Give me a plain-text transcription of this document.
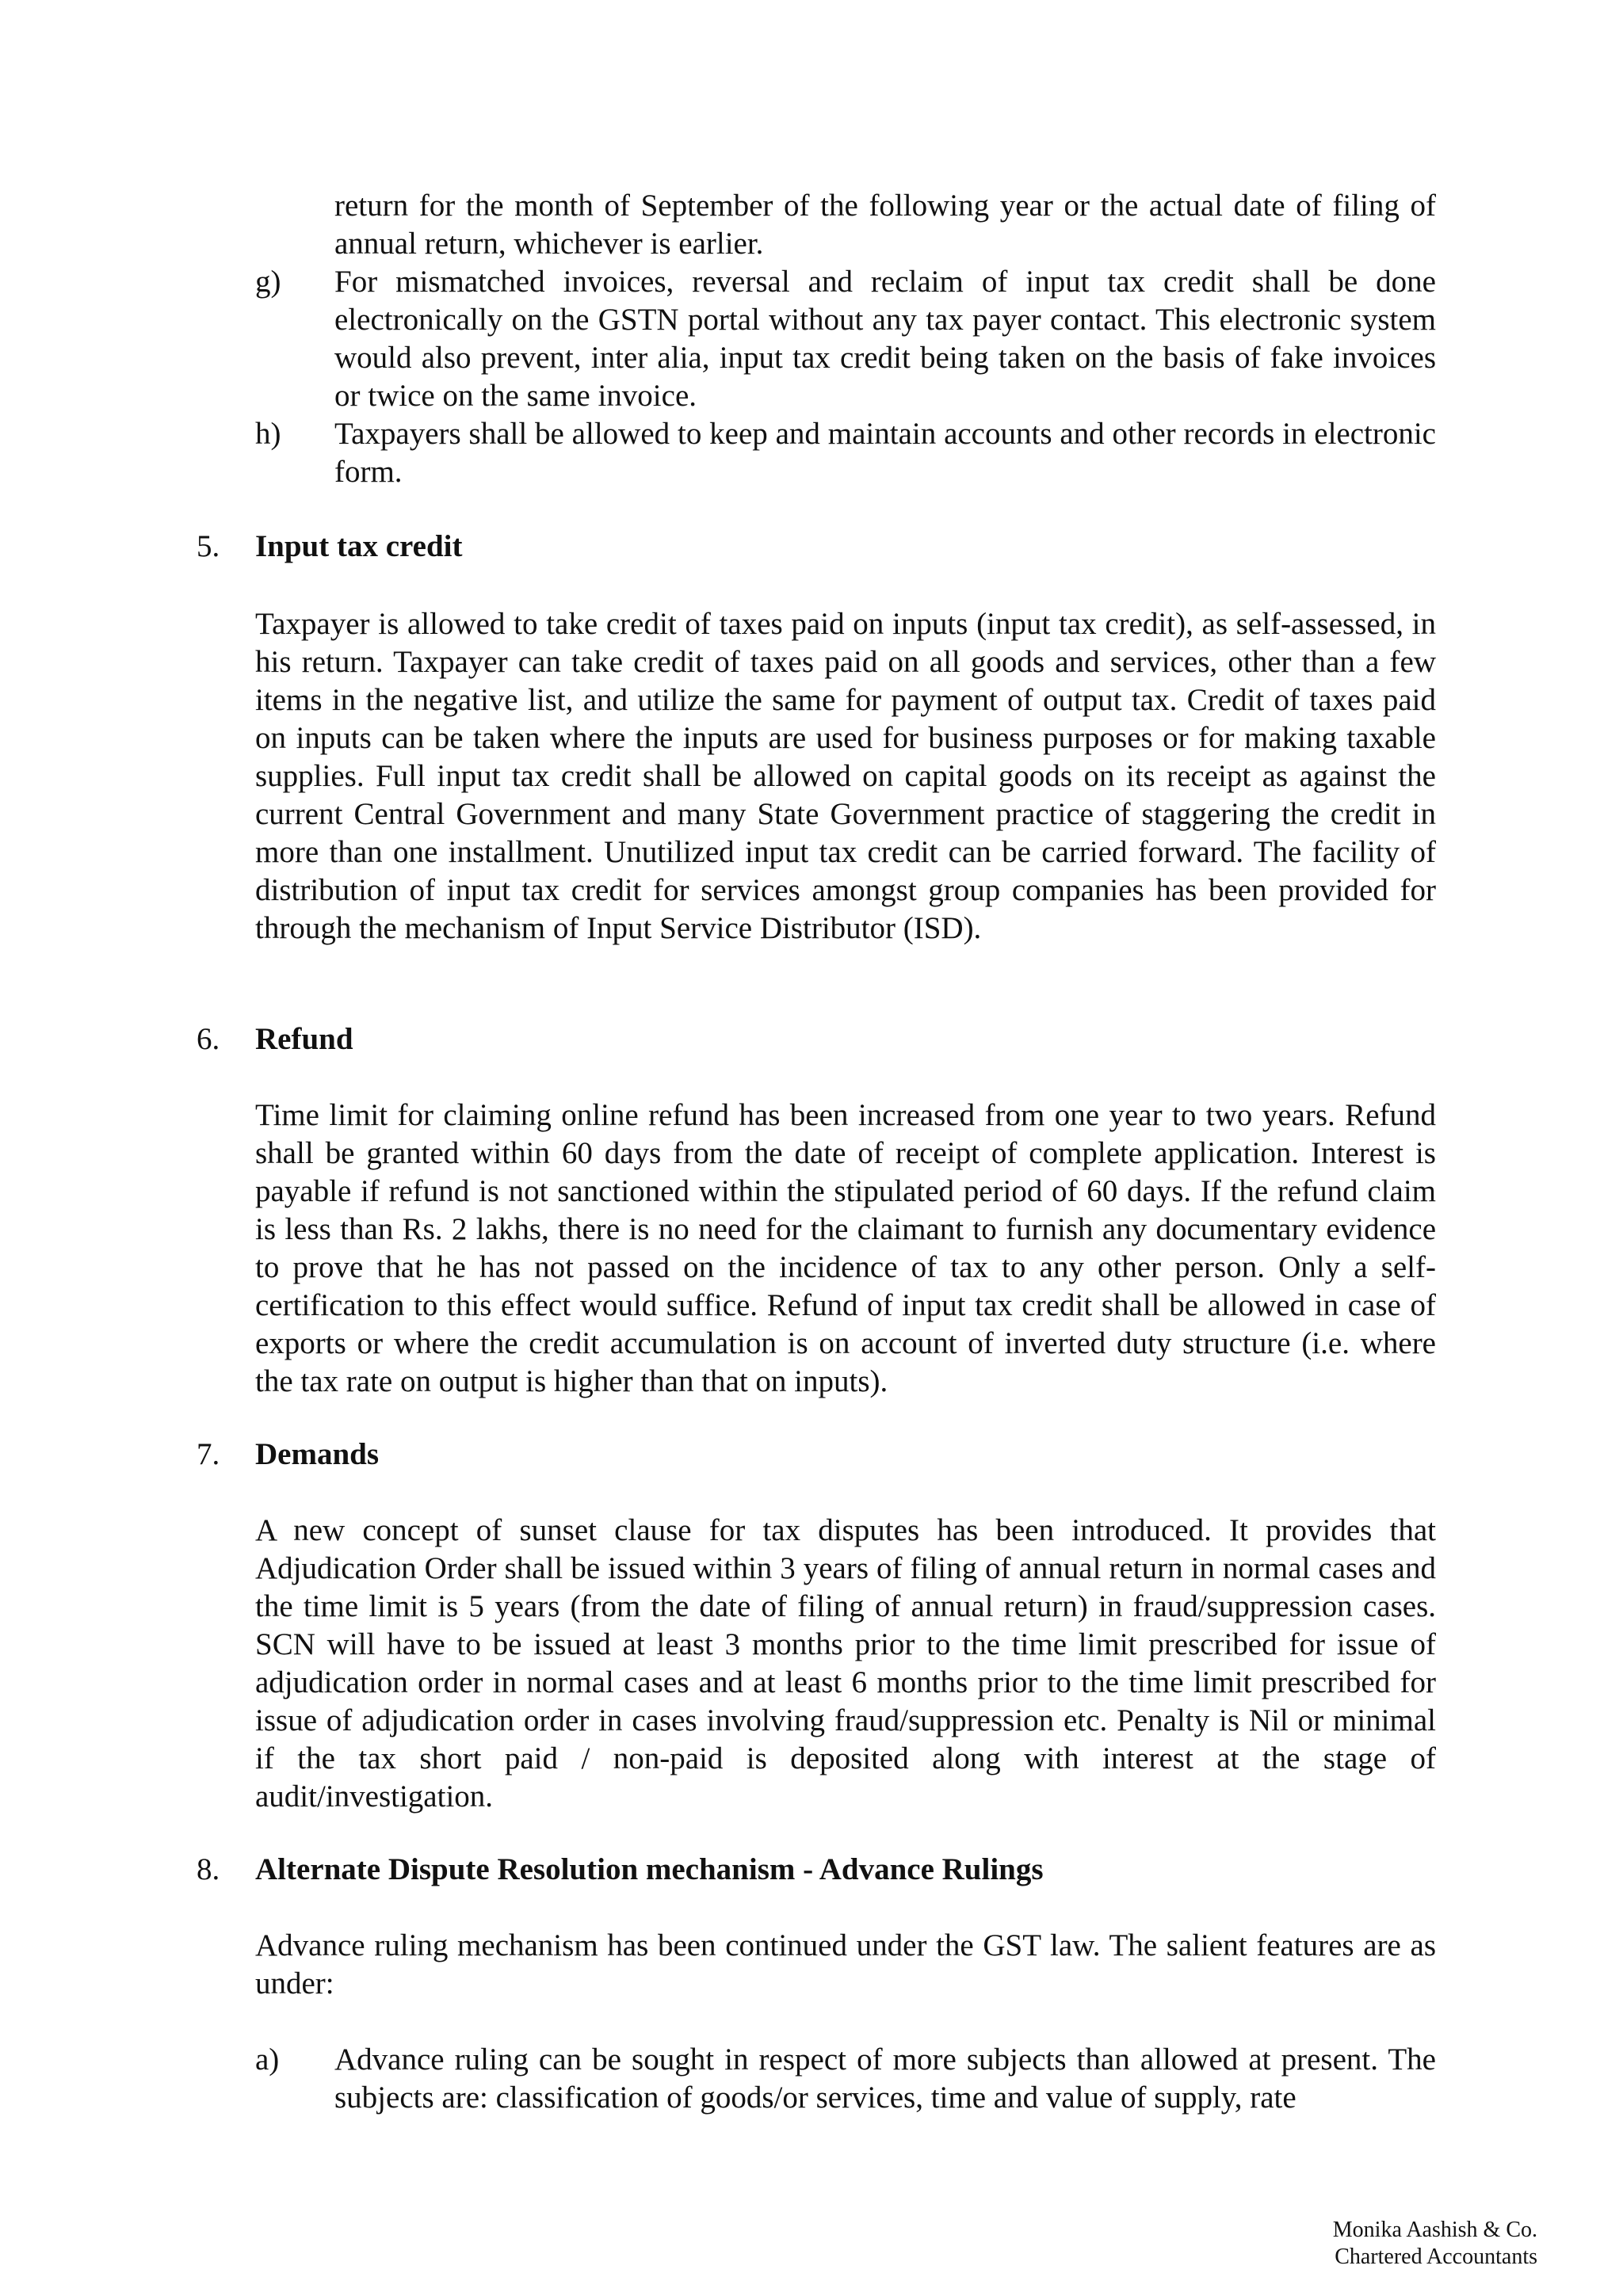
return for the month of September of the following year or the actual date of filing of annual return, whichever is earlier.

g) For mismatched invoices, reversal and reclaim of input tax credit shall be done electronically on the GSTN portal without any tax payer contact. This electronic system would also prevent, inter alia, input tax credit being taken on the basis of fake invoices or twice on the same invoice.

h) Taxpayers shall be allowed to keep and maintain accounts and other records in electronic form.

5. Input tax credit

Taxpayer is allowed to take credit of taxes paid on inputs (input tax credit), as self-assessed, in his return. Taxpayer can take credit of taxes paid on all goods and services, other than a few items in the negative list, and utilize the same for payment of output tax. Credit of taxes paid on inputs can be taken where the inputs are used for business purposes or for making taxable supplies. Full input tax credit shall be allowed on capital goods on its receipt as against the current Central Government and many State Government practice of staggering the credit in more than one installment. Unutilized input tax credit can be carried forward. The facility of distribution of input tax credit for services amongst group companies has been provided for through the mechanism of Input Service Distributor (ISD).

6. Refund

Time limit for claiming online refund has been increased from one year to two years. Refund shall be granted within 60 days from the date of receipt of complete application. Interest is payable if refund is not sanctioned within the stipulated period of 60 days. If the refund claim is less than Rs. 2 lakhs, there is no need for the claimant to furnish any documentary evidence to prove that he has not passed on the incidence of tax to any other person. Only a self-certification to this effect would suffice. Refund of input tax credit shall be allowed in case of exports or where the credit accumulation is on account of inverted duty structure (i.e. where the tax rate on output is higher than that on inputs).

7. Demands

A new concept of sunset clause for tax disputes has been introduced. It provides that Adjudication Order shall be issued within 3 years of filing of annual return in normal cases and the time limit is 5 years (from the date of filing of annual return) in fraud/suppression cases. SCN will have to be issued at least 3 months prior to the time limit prescribed for issue of adjudication order in normal cases and at least 6 months prior to the time limit prescribed for issue of adjudication order in cases involving fraud/suppression etc. Penalty is Nil or minimal if the tax short paid / non-paid is deposited along with interest at the stage of audit/investigation.

8. Alternate Dispute Resolution mechanism - Advance Rulings

Advance ruling mechanism has been continued under the GST law. The salient features are as under:

a) Advance ruling can be sought in respect of more subjects than allowed at present. The subjects are: classification of goods/or services, time and value of supply, rate

Monika Aashish & Co.
Chartered Accountants
